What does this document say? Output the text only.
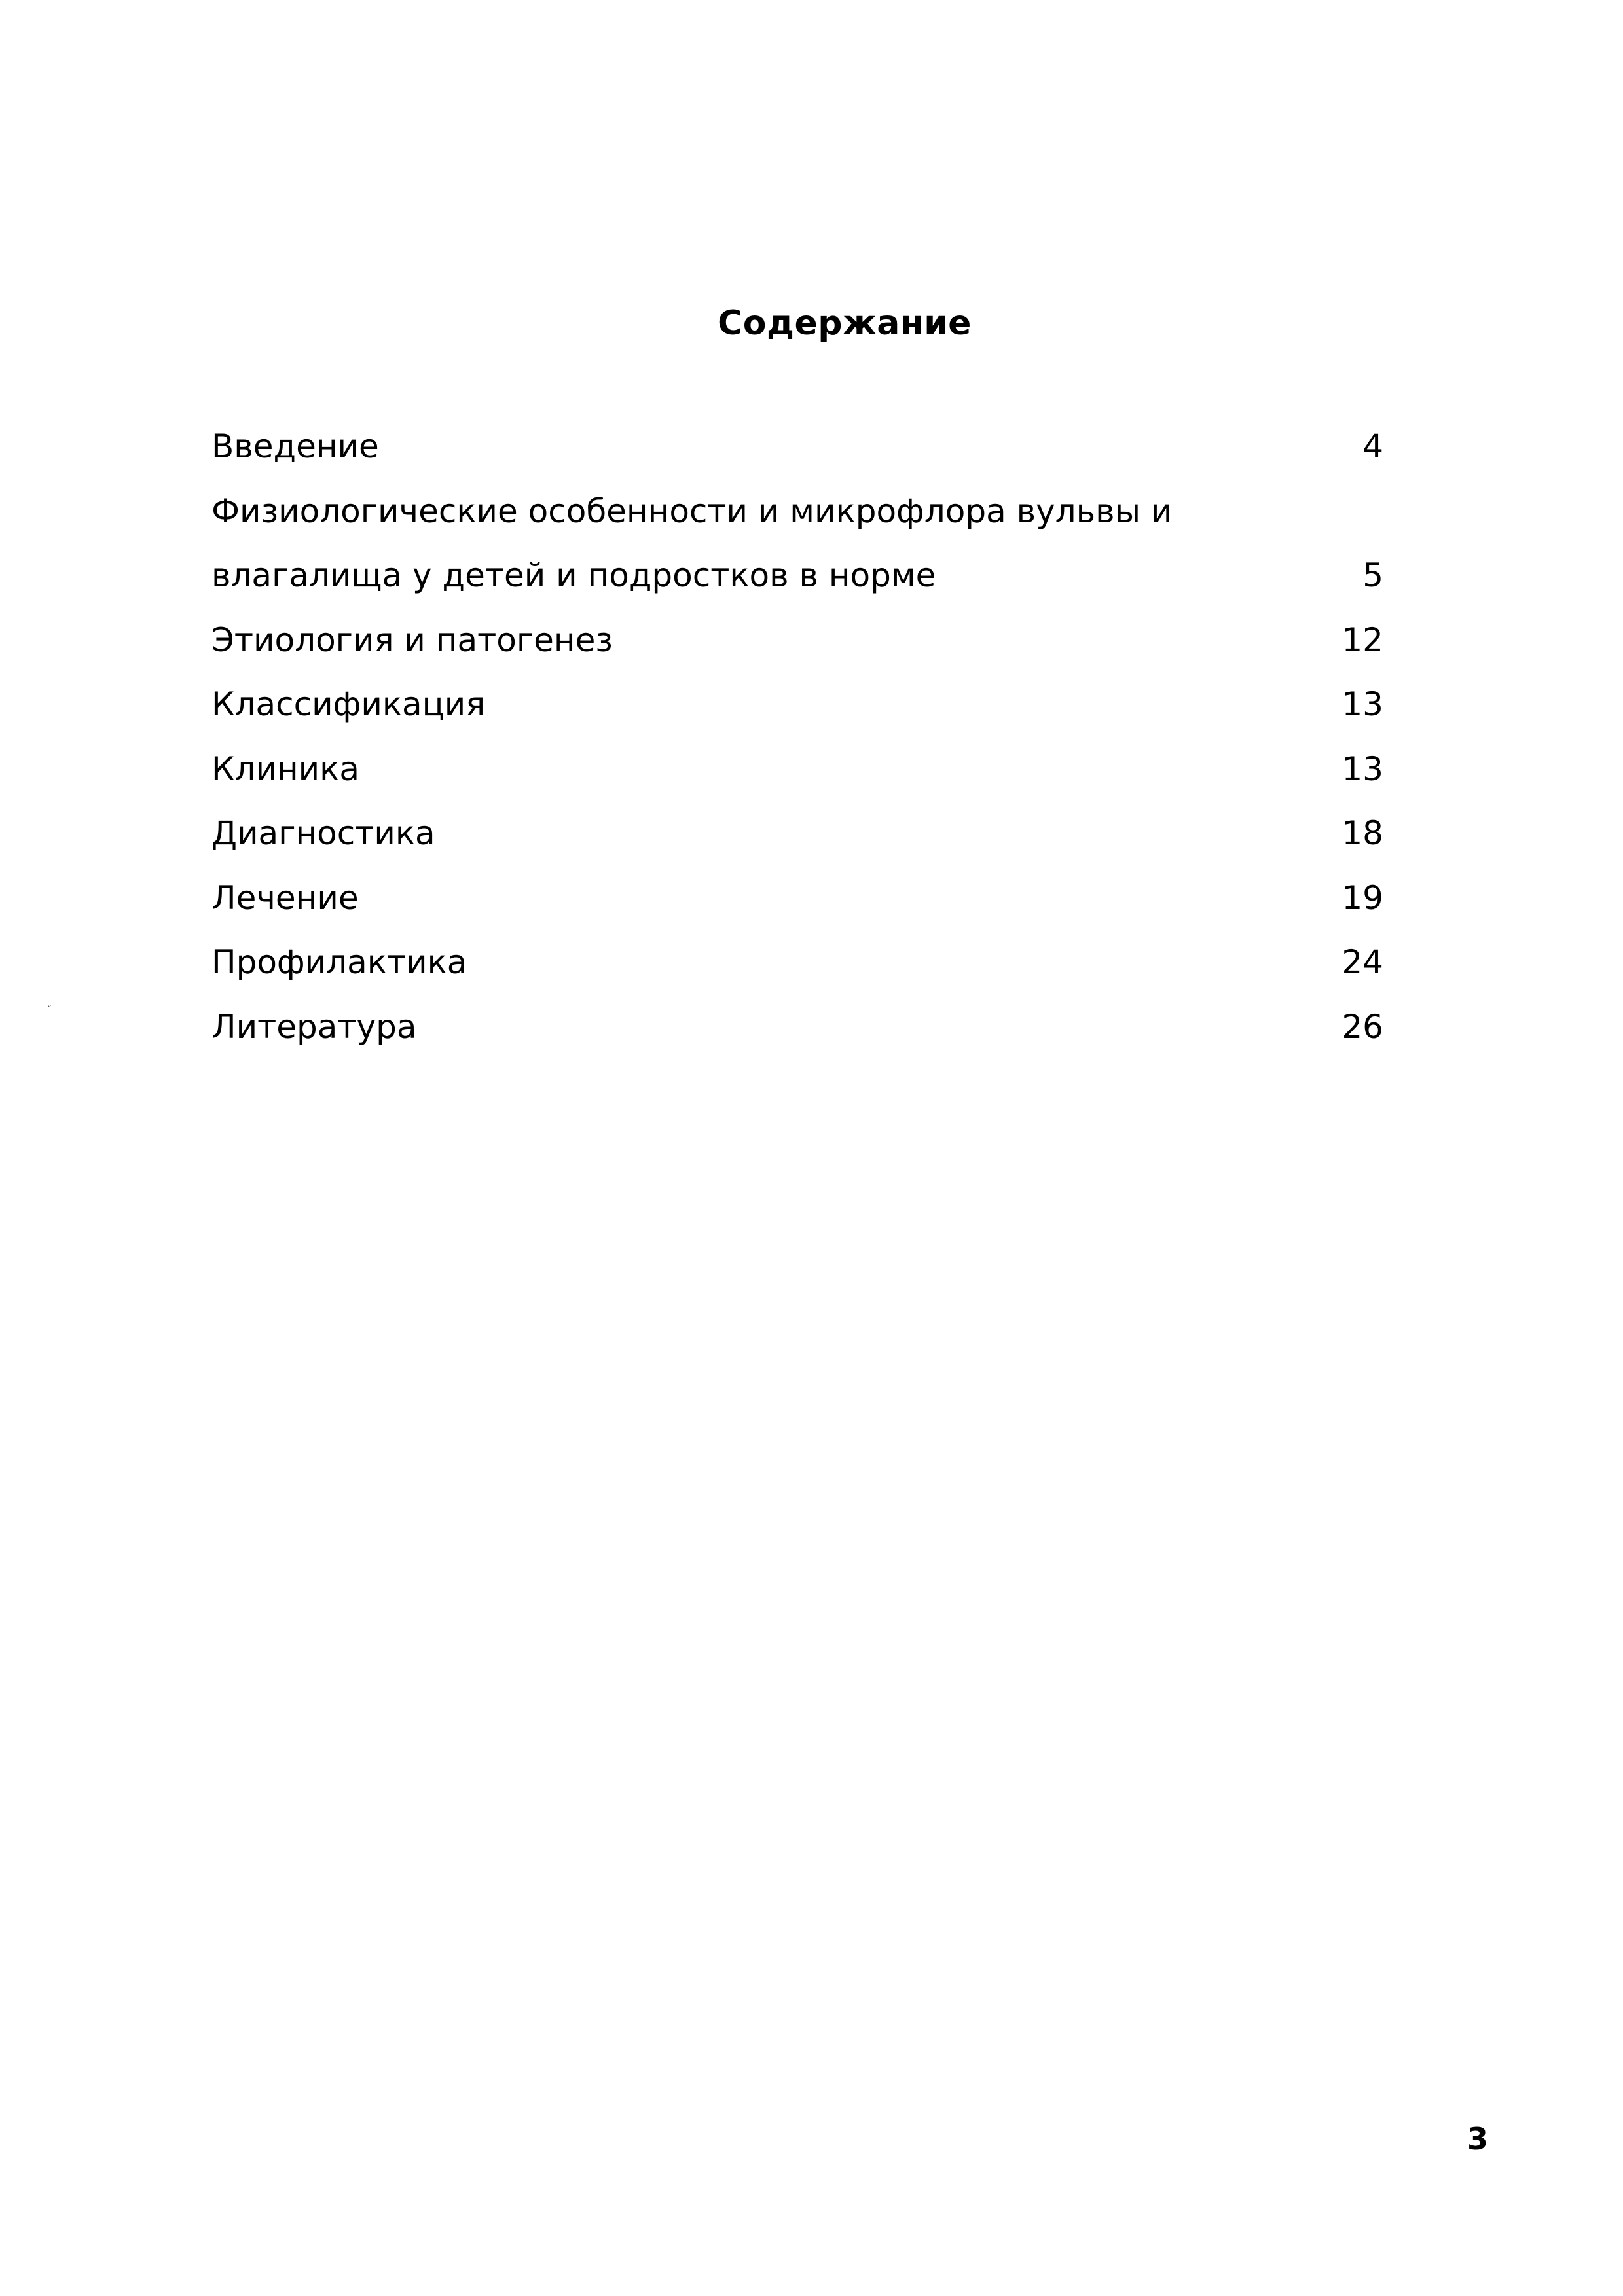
Содержание
Введение	4
Физиологические особенности и микрофлора вульвы и
влагалища у детей и подростков в норме	5
Этиология и патогенез	12
Классификация	13
Клиника	13
Диагностика	18
Лечение	19
Профилактика	24
Литература	26
ˇ
3
